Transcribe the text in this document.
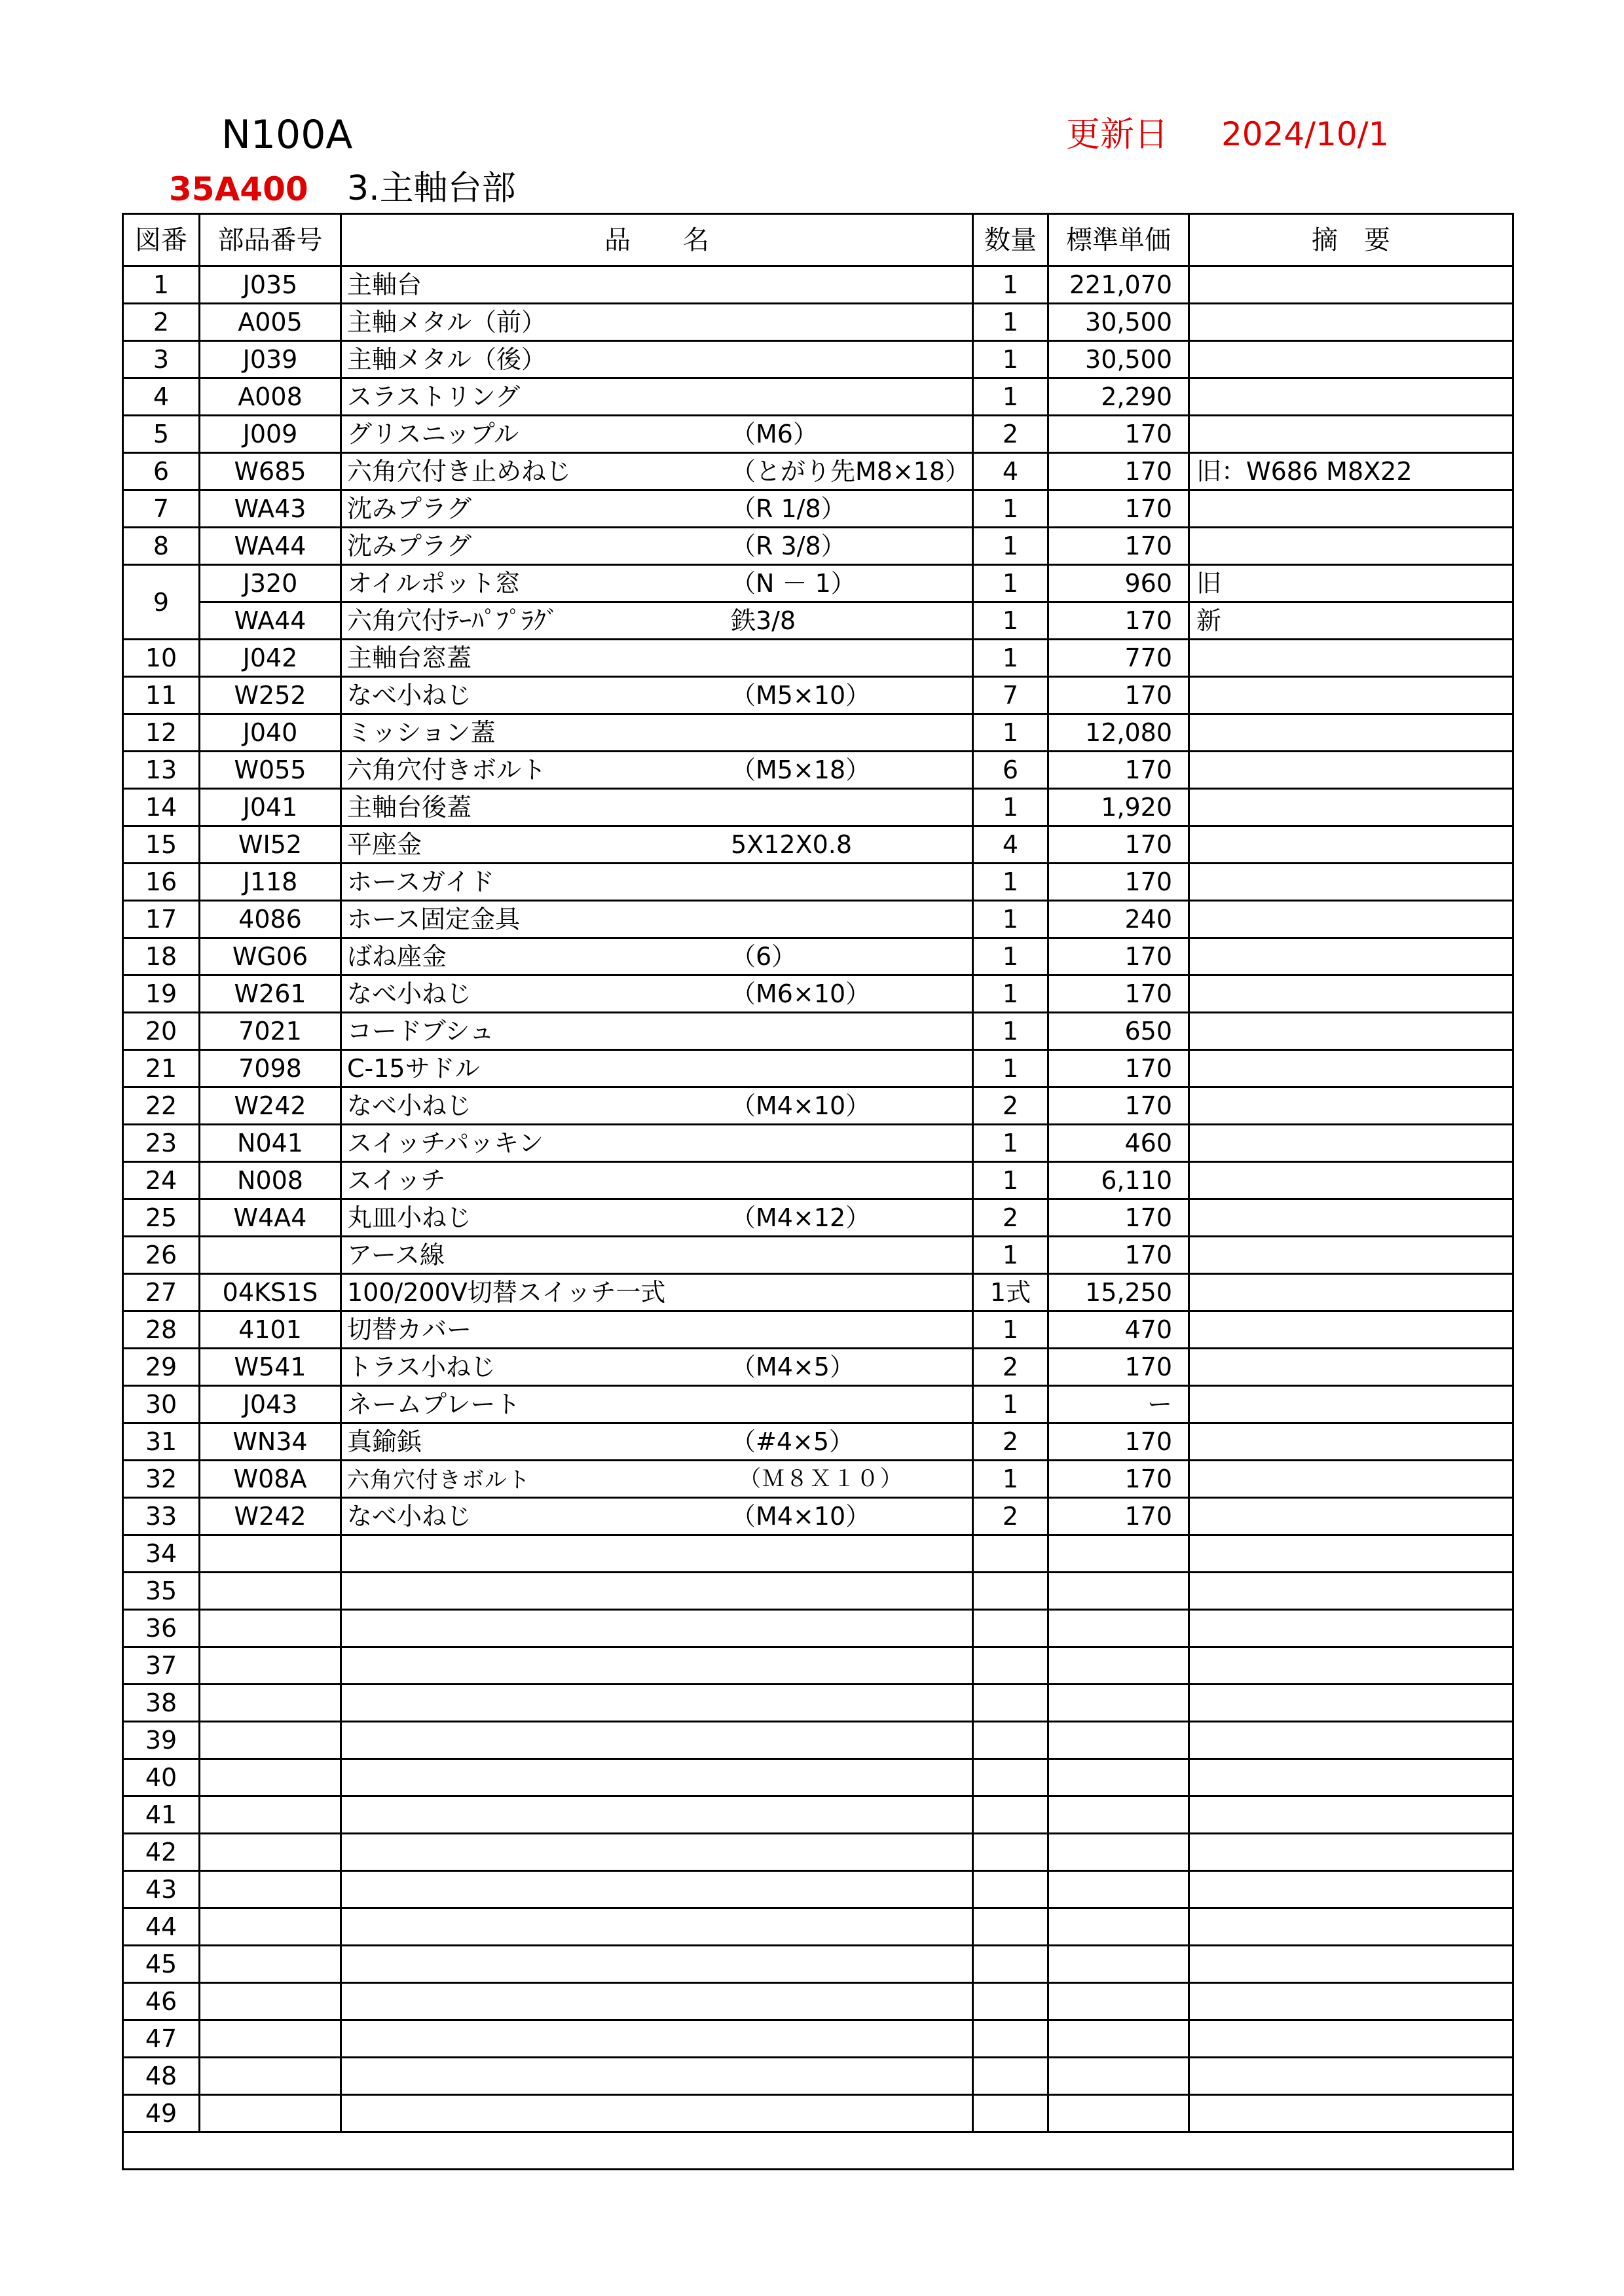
N100A	更新日 2024/10/1
35A400 3.主軸台部
図番	部品番号	品　　名	数量	標準単価	摘　要
1	J035	主軸台	1	221,070	
2	A005	主軸メタル（前）	1	30,500	
3	J039	主軸メタル（後）	1	30,500	
4	A008	スラストリング	1	2,290	
5	J009	グリスニップル （M6）	2	170	
6	W685	六角穴付き止めねじ （とがり先M8×18）	4	170	旧：W686 M8X22
7	WA43	沈みプラグ （R 1/8）	1	170	
8	WA44	沈みプラグ （R 3/8）	1	170	
9	J320	オイルポット窓 （N － 1）	1	960	旧
	WA44	六角穴付ﾃｰﾊﾟﾌﾟﾗｸﾞ 鉄3/8	1	170	新
10	J042	主軸台窓蓋	1	770	
11	W252	なべ小ねじ （M5×10）	7	170	
12	J040	ミッション蓋	1	12,080	
13	W055	六角穴付きボルト （M5×18）	6	170	
14	J041	主軸台後蓋	1	1,920	
15	WI52	平座金 5X12X0.8	4	170	
16	J118	ホースガイド	1	170	
17	4086	ホース固定金具	1	240	
18	WG06	ばね座金 （6）	1	170	
19	W261	なべ小ねじ （M6×10）	1	170	
20	7021	コードブシュ	1	650	
21	7098	C-15サドル	1	170	
22	W242	なべ小ねじ （M4×10）	2	170	
23	N041	スイッチパッキン	1	460	
24	N008	スイッチ	1	6,110	
25	W4A4	丸皿小ねじ （M4×12）	2	170	
26		アース線	1	170	
27	04KS1S	100/200V切替スイッチ一式	1式	15,250	
28	4101	切替カバー	1	470	
29	W541	トラス小ねじ （M4×5）	2	170	
30	J043	ネームプレート	1	ー	
31	WN34	真鍮鋲 （#4×5）	2	170	
32	W08A	六角穴付きボルト （Ｍ８Ｘ１０）	1	170	
33	W242	なべ小ねじ （M4×10）	2	170	
34		

35		

36		

37		

38		

39		

40		

41		

42		

43		

44		

45		

46		

47		

48		

49		
